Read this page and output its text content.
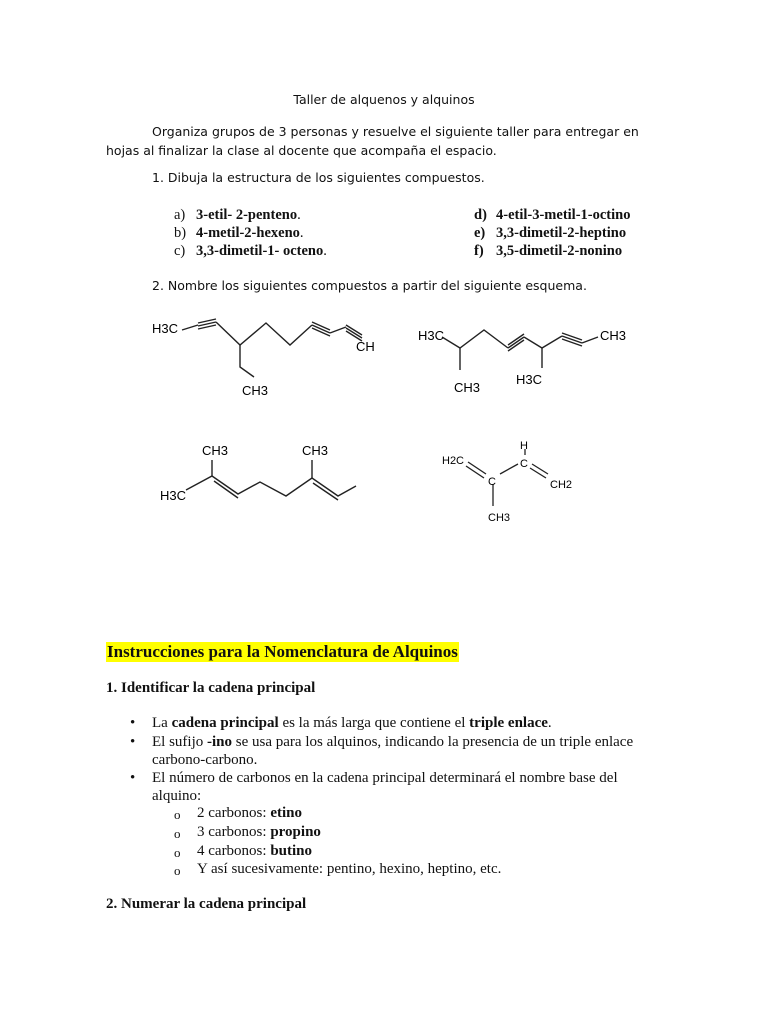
Taller de alquenos y alquinos
Organiza grupos de 3 personas y resuelve el siguiente taller para entregar en hojas al finalizar la clase al docente que acompaña el espacio.
1. Dibuja la estructura de los siguientes compuestos.
a) 3-etil- 2-penteno.
b) 4-metil-2-hexeno.
c) 3,3-dimetil-1- octeno.
d) 4-etil-3-metil-1-octino
e) 3,3-dimetil-2-heptino
f) 3,5-dimetil-2-nonino
2. Nombre los siguientes compuestos a partir del siguiente esquema.
H3C
CH
CH3
H3C	CH3
CH3
H3C
H3C
CH3	CH3
H2C
C
C
H
CH2
CH3
Instrucciones para la Nomenclatura de Alquinos
1. Identificar la cadena principal
• La cadena principal es la más larga que contiene el triple enlace.
• El sufijo -ino se usa para los alquinos, indicando la presencia de un triple enlace carbono-carbono.
• El número de carbonos en la cadena principal determinará el nombre base del alquino:
o 2 carbonos: etino
o 3 carbonos: propino
o 4 carbonos: butino
o Y así sucesivamente: pentino, hexino, heptino, etc.
2. Numerar la cadena principal
